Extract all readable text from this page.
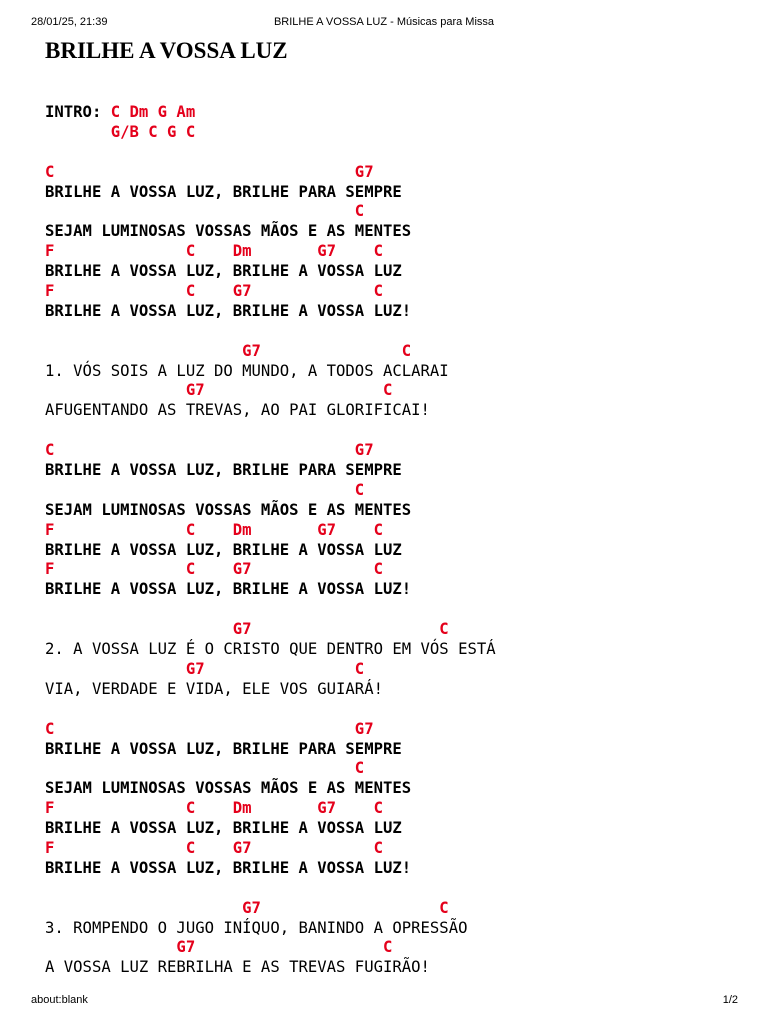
28/01/25, 21:39	BRILHE A VOSSA LUZ - Músicas para Missa
BRILHE A VOSSA LUZ
INTRO: C Dm G Am
G/B C G C
C                                G7
BRILHE A VOSSA LUZ, BRILHE PARA SEMPRE
C
SEJAM LUMINOSAS VOSSAS MÃOS E AS MENTES
F              C    Dm       G7    C
BRILHE A VOSSA LUZ, BRILHE A VOSSA LUZ
F              C    G7             C
BRILHE A VOSSA LUZ, BRILHE A VOSSA LUZ!
G7               C
1. VÓS SOIS A LUZ DO MUNDO, A TODOS ACLARAI
G7                   C
AFUGENTANDO AS TREVAS, AO PAI GLORIFICAI!
C                                G7
BRILHE A VOSSA LUZ, BRILHE PARA SEMPRE
C
SEJAM LUMINOSAS VOSSAS MÃOS E AS MENTES
F              C    Dm       G7    C
BRILHE A VOSSA LUZ, BRILHE A VOSSA LUZ
F              C    G7             C
BRILHE A VOSSA LUZ, BRILHE A VOSSA LUZ!
G7                    C
2. A VOSSA LUZ É O CRISTO QUE DENTRO EM VÓS ESTÁ
G7                C
VIA, VERDADE E VIDA, ELE VOS GUIARÁ!
C                                G7
BRILHE A VOSSA LUZ, BRILHE PARA SEMPRE
C
SEJAM LUMINOSAS VOSSAS MÃOS E AS MENTES
F              C    Dm       G7    C
BRILHE A VOSSA LUZ, BRILHE A VOSSA LUZ
F              C    G7             C
BRILHE A VOSSA LUZ, BRILHE A VOSSA LUZ!
G7                   C
3. ROMPENDO O JUGO INÍQUO, BANINDO A OPRESSÃO
G7                    C
A VOSSA LUZ REBRILHA E AS TREVAS FUGIRÃO!
about:blank	1/2
